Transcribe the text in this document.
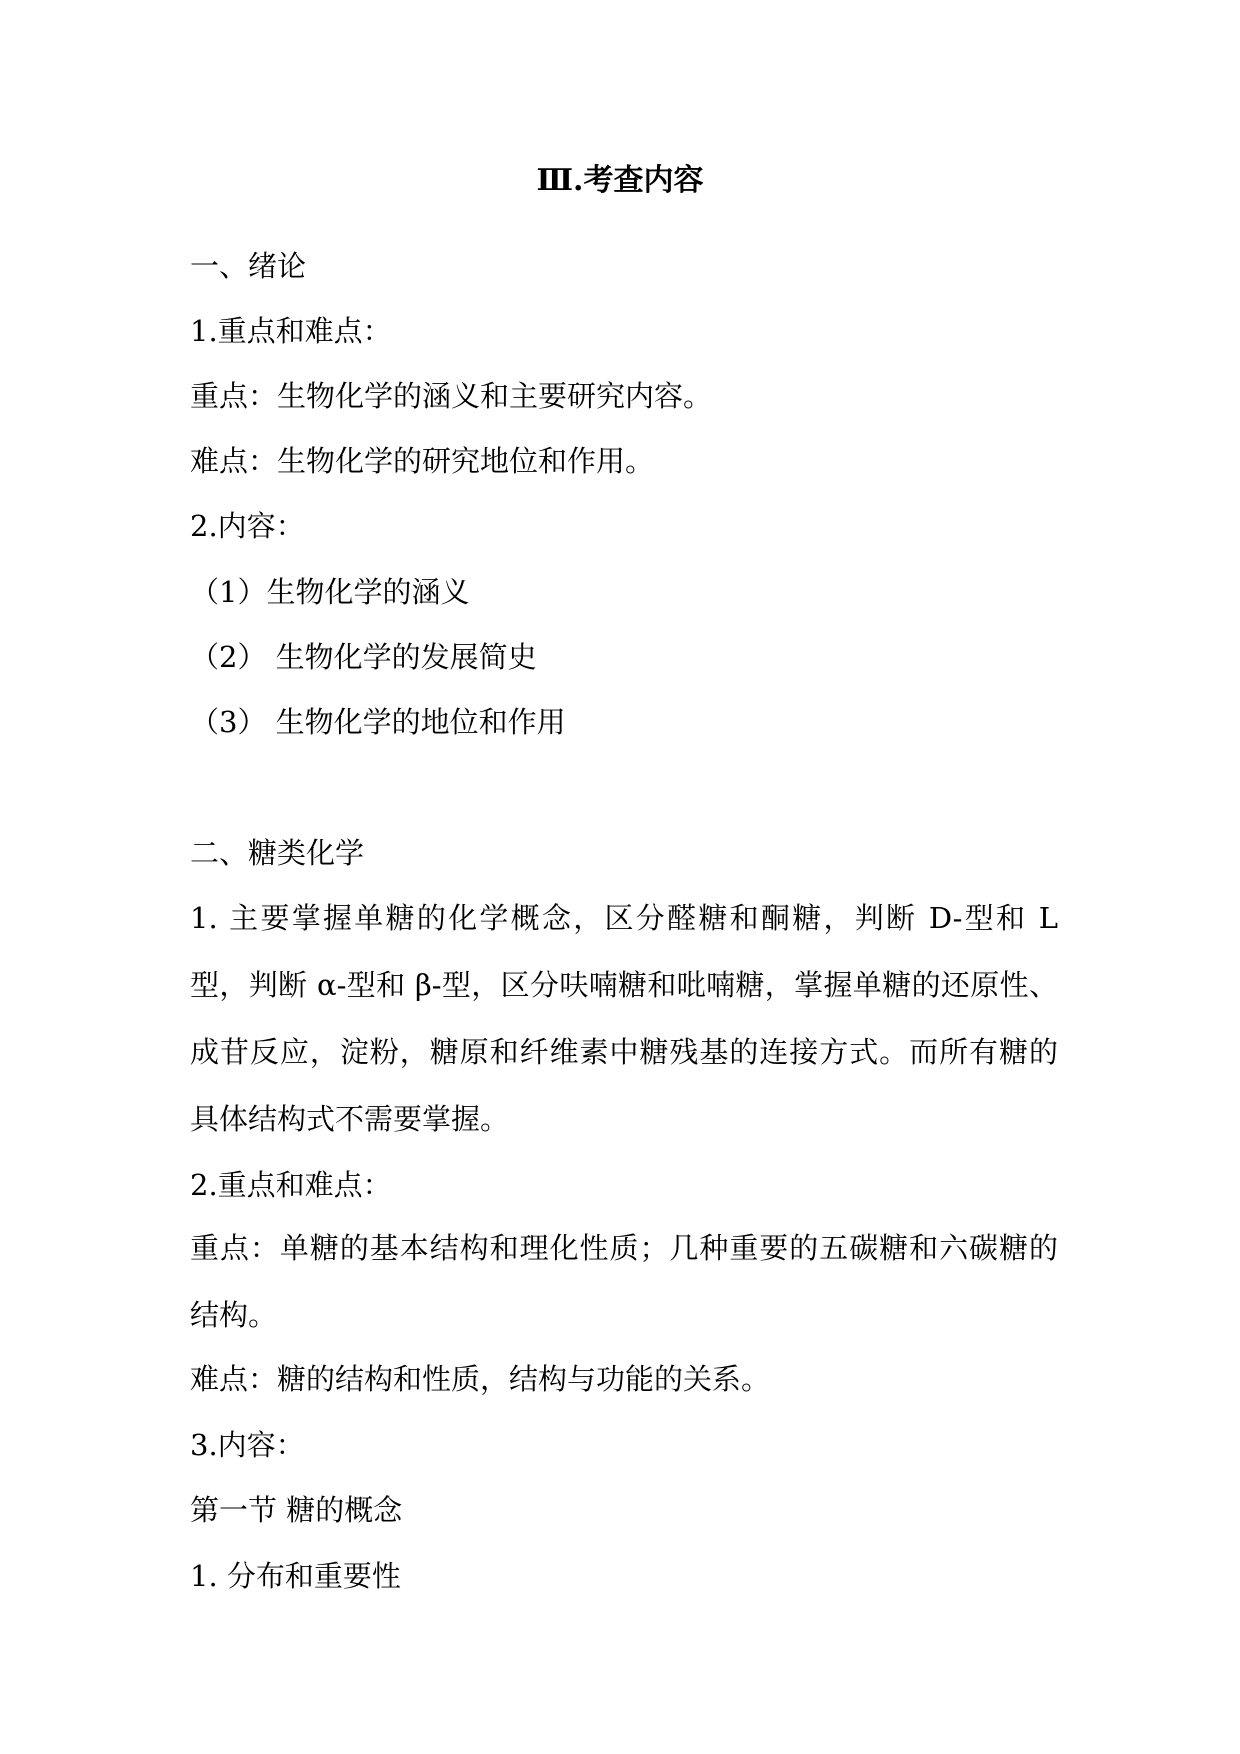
Ⅲ.考查内容
一、绪论
1.重点和难点：
重点：生物化学的涵义和主要研究内容。
难点：生物化学的研究地位和作用。
2.内容：
（1）生物化学的涵义
（2） 生物化学的发展简史
（3） 生物化学的地位和作用
二、糖类化学
1. 主要掌握单糖的化学概念，区分醛糖和酮糖，判断 D-型和 L 型，判断 α-型和 β-型，区分呋喃糖和吡喃糖，掌握单糖的还原性、成苷反应，淀粉，糖原和纤维素中糖残基的连接方式。而所有糖的具体结构式不需要掌握。
2.重点和难点：
重点：单糖的基本结构和理化性质；几种重要的五碳糖和六碳糖的结构。
难点：糖的结构和性质，结构与功能的关系。
3.内容：
第一节 糖的概念
1. 分布和重要性
